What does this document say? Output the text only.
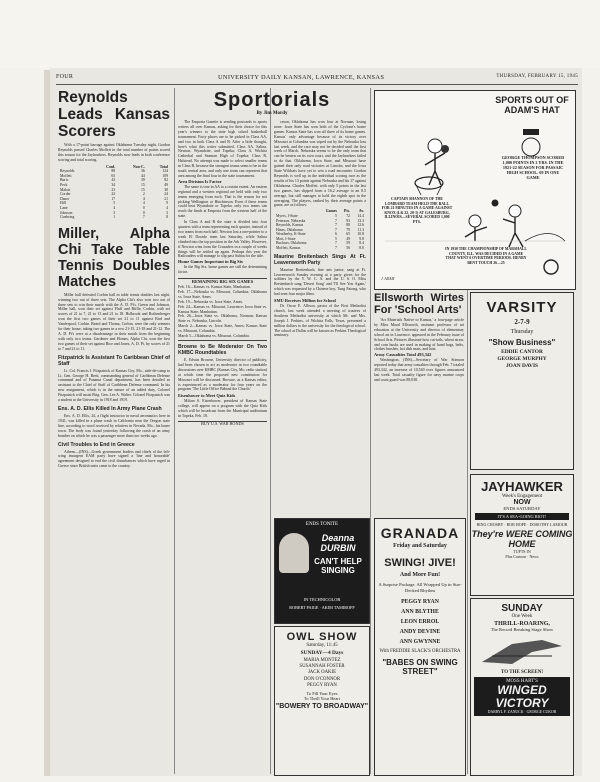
FOUR	UNIVERSITY DAILY KANSAN, LAWRENCE, KANSAS	THURSDAY, FEBRUARY 15, 1945
Reynolds Leads Kansas Scorers

With a 17-point barrage against Oklahoma Tuesday night, Gordon Reynolds passed Charles Moffett in the total number of points scored this season for the Jayhawkers. Reynolds now leads in both conference scoring and total scoring.

	Conf.	Non-C.	Total
Reynolds	88	36	124
Moffett	65	44	109
Buric	43	39	82
Peck	34	15	49
Malott	23	15	38
Corder	22	2	24
Dauer	17	4	21
Hill	5	4	9
Lane	4	0	4
Johnson	3	0	3
Goehring	1	7	8
Miller, Alpha Chi Take Table Tennis Doubles Matches

Miller hall defeated Corbin hall in table tennis doubles last night, winning two out of three sets. The Alpha Chi's also won two out of three sets to win their match with the A. D. Pi's. Green and Johnson, Miller hall, won their set against Fluff and Riffle, Corbin, with set scores of 21 to 7, 21 to 13 and 21 to 18. Holbrook and Rothenberger won the first two games of their set 21 to 11 against Bird and Vanderpool, Corbin. Beard and Thoma, Corbin, were the only winners for their house, taking two games in a row 21-15, 21-18 and 21-12. The A. D. Pi's were at a disadvantage in their match from the beginning with only two teams. Gardener and Homes, Alpha Chi, won the first two games of their set against Rice and Jones, A. D. Pi, by scores of 21 to 7 and 21 to 11.

Fitzpatrick Is Assistant To Caribbean Chief of Staff

Lt. Col. Francis J. Fitzpatrick of Kansas City, Mo., aide-de-camp to Lt. Gen. George H. Brett, commanding general of Caribbean Defense command and of Panama Canal department, has been detailed as assistant to the Chief of Staff of Caribbean Defense command. In his new assignment, which is in the nature of an added duty, Colonel Fitzpatrick will assist Brig. Gen. Lee A. Walter. Colonel Fitzpatrick was a student at the University in 1918 and 1919.

Ens. A. D. Ellis Killed In Army Plane Crash

Ens. A. D. Ellis, 24, a flight instructor in naval aeronautics here in 1941, was killed in a plane crash in California near the Oregon state line, according to word received by relatives in Nevada, Mo., his home town. The body was found yesterday following the crash of an army bomber on which he was a passenger more than two weeks ago.

Civil Troubles to End in Greece

Athens—(INS)—Greek government leaders and chiefs of the left-wing insurgent EAM party have signed a 'fine and honorable' agreement designed to end the civil disturbances which have raged in Greece since British units came to the country.

Sportorials
By Jim Mordy

The Emporia Gazette is sending postcards to sports writers all over Kansas, asking for their choice for this year's winners to the state high school basketball tournament. Forty places are to be picked in Class AA, and two in both Class A and B. After a little thought, here's what this writer submitted. Class AA, Salina, Newton, Wyandotte, and Topeka; Class A, Wichita Cathedral and Seaman High of Topeka; Class B, Halstead. No attempt was made to select smaller teams in Class B, because the strongest teams seem to be in the south central area, and only one team can represent that area among the final four in the state tournament.

Area Division Is Factor

The same is true in AA to a certain extent. An eastern regional and a western regional are held with only two teams emerging from each. That is the reason for not picking Wellington or Hutchinson. Even if these teams could beat Wyandotte or Topeka, only two teams can reach the finals at Emporia from the western half of the state.

In Class A and B the state is divided into four quarters with a team representing each quarter, instead of two teams from each half. Newton lost a one-pointer to a weak El Dorado team last Saturday, while Salina climbed into the top position in the Ark Valley. However, if Newton wins from the Crusaders in a couple of weeks things will be settled up again. Perhaps this year the Railroaders will manage to slip past Salina for the title.

Home Games Important in Big Six

In the Big Six, home games are still the determining factor.

REMAINING BIG SIX GAMES
Feb. 16—Kansas vs. Kansas State, Manhattan.
Feb. 17—Nebraska vs. Missouri, Columbia; Oklahoma vs. Iowa State, Ames.
Feb. 19—Nebraska vs. Iowa State, Ames.
Feb. 24—Kansas vs. Missouri, Lawrence; Iowa State vs. Kansas State, Manhattan.
Feb. 26—Iowa State vs. Oklahoma, Norman; Kansas State vs. Nebraska, Lincoln.
March 2—Kansas vs. Iowa State, Ames; Kansas State vs. Missouri, Columbia.
March 5—Oklahoma vs. Missouri, Columbia.
Browne to Be Moderator On Two KMBC Roundtables

E. Edwin Browne, University director of publicity, had been chosen to act as moderator in two roundtable discussions over KMBC (Kansas City, Mo. radio station) at which time the proposed new constitution for Missouri will be discussed. Browne, as a Kansas editor, is experienced as a moderator for four years on the program 'The Little Office Behind the Church.'

Eisenhower to Meet Quiz Kids

Milton S. Eisenhower, president of Kansas State college, will appear on a program with the Quiz Kids which will be broadcast from the Municipal auditorium in Topeka, Feb. 18.

BUY U.S. WAR BONDS

ceson, Oklahoma has won four at Norman, losing none. Iowa State has won both of the Cyclone's home games. Kansas State has won all three of its home games. Kansas' only advantage because of its victory over Missouri at Columbia was wiped out by the Nebraska loss last week, and the race may not be decided until the first week of March. Nebraska seems to be the only team that can be beaten on its own court, and the Jayhawkers failed to do that. Oklahoma, Iowa State, and Missouri have gained their only road victories at Lincoln, and the Iowa State Wildcats have yet to win a road encounter. Gordon Reynolds is well up in the individual scoring race as the results of his 13 points against Nebraska and his 17 against Oklahoma. Charles Moffett, with only 5 points in the last two games, has slipped from a 16.2 average to an 8.5 average, but still manages to hold the eighth spot in the averaging. The players, ranked by their average points a game, are as follows:

	Games	Pts.	Av.
Myers, I-State	5	72	14.4
Peterson, Nebraska	7	93	13.3
Reynolds, Kansas	7	88	12.6
Hines, Oklahoma	7	79	11.3
Weatherby, K-State	6	65	10.8
Mott, I-State	5	49	9.8
Buckner, Oklahoma	7	59	8.4
Moffett, Kansas	7	56	8.0
Maurine Breitenbach Sings At Ft. Leavenworth Party

Maurine Breitenbach, fine arts junior, sang at Ft. Leavenworth Sunday evening at a party given for the soldiers by the Y. W. C. A. and the U. S. O. Miss Breitenbach sang 'Desert Song' and 'I'll See You Again,' which was requested by a Chinese boy, Tung Fatong, who had seen four major films.

SMU Receives Million for School

Dr. Oscar E. Allison, pastor of the First Methodist church, last week attended a meeting of trustees of Southern Methodist university at which Mr. and Mrs. Joseph J. Perkins, of Wichita Falls, Texas, presented a million dollars to the university for the theological school. The school at Dallas will be known as Perkins Theological seminary.

SPORTS OUT OF ADAM'S HAT
GEORGE THOMPSON SCORED 1,000 POINTS IN 2 YRS. IN THE 1921-22 SEASON FOR PASSAIC HIGH SCHOOL. 69 IN ONE GAME
CAPTAIN SHANNON OF THE LOMBARD TEAM HELD THE BALL FOR 21 MINUTES IN A GAME AGAINST KNOX (LK 22, 20-1) AT GALESBURG, ILLINOIS—SEVERAL SCORED 1,000 PTS.
IN 1930 THE CHAMPIONSHIP OF MARSHALL COUNTY, ILL. WAS DECIDED IN A GAME THAT WENT 6 OVERTIME PERIODS. HENRY BENT TOUCH 26—25
J. ADAM
Ellsworth Wirtes For 'School Arts'

'Art Materials Native to Kansas,' a four-page article by Miss Maud Ellsworth, assistant professor of art education at the University and director of elementary school art in Lawrence, appeared in the February issue of School Arts. Pictures illustrate how cat-tails, wheat straw, and corn husks are used in making of hand bags, belts, clothes brushes, hot dish mats, and hats.

Army Casualties Total 493,342

Washington, (INS)—Secretary of War Stimson reported today that army casualties through Feb. 7 totaled 493,342, an increase of 10,540 over figures announced last week. Total casualty figure for navy marine corps and coast guard was 88,038.

VARSITY
2-7-9
Thursday
"Show Business"
EDDIE CANTOR
GEORGE MURPHY
JOAN DAVIS
JAYHAWKER
Week's Engagement
NOW
ENDS SATURDAY
IT'S A SEA-GOING RIOT!
BING CROSBY · BOB HOPE · DOROTHY LAMOUR
They're WERE COMING HOME
TUFTS IN
Plus Cartoon · News
ENDS TONITE
Deanna DURBIN
CAN'T HELP SINGING
IN TECHNICOLOR
ROBERT PAIGE · AKIM TAMIROFF
OWL SHOW
Saturday, 11:45
SUNDAY—4 Days
MARIA MONTEZ
SUSANNAH FOSTER
JACK OAKIE
DON O'CONNOR
PEGGY RYAN
To Fill Your Eyes
To Thrill Your Heart
"BOWERY TO BROADWAY"
GRANADA
Friday and Saturday
SWING! JIVE!
And More Fun!
A Surprise Package. All Wrapped Up in Star-Decked Rhythm
PEGGY RYAN
ANN BLYTHE
LEON ERROL
ANDY DEVINE
ANN GWYNNE
With FREDDIE SLACK'S ORCHESTRA
"BABES ON SWING STREET"
SUNDAY
One Week
THRILL-ROARING,
The Record Breaking Stage Show
TO THE SCREEN!
MOSS HART'S
WINGED VICTORY
DARRYL F. ZANUCK · GEORGE CUKOR
